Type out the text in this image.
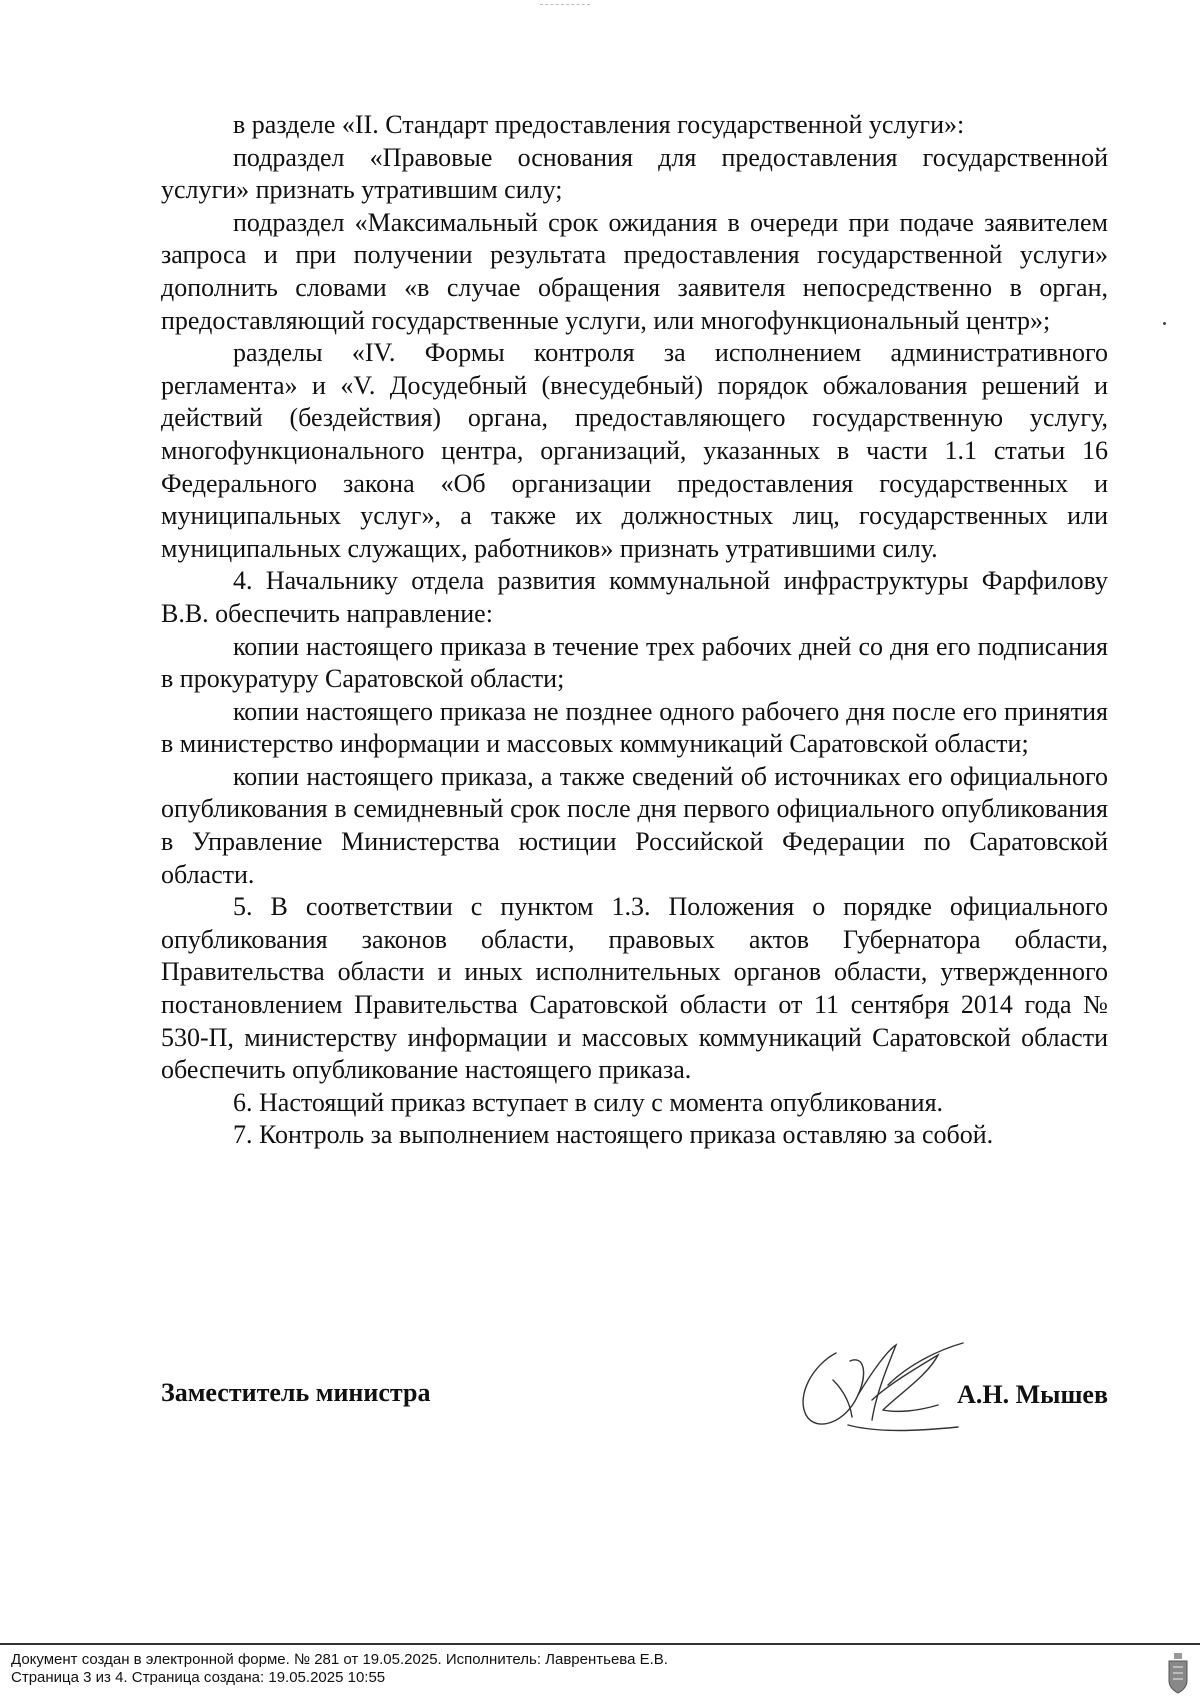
в разделе «II. Стандарт предоставления государственной услуги»:

подраздел «Правовые основания для предоставления государственной услуги» признать утратившим силу;

подраздел «Максимальный срок ожидания в очереди при подаче заявителем запроса и при получении результата предоставления государственной услуги» дополнить словами «в случае обращения заявителя непосредственно в орган, предоставляющий государственные услуги, или многофункциональный центр»;

разделы «IV. Формы контроля за исполнением административного регламента» и «V. Досудебный (внесудебный) порядок обжалования решений и действий (бездействия) органа, предоставляющего государственную услугу, многофункционального центра, организаций, указанных в части 1.1 статьи 16 Федерального закона «Об организации предоставления государственных и муниципальных услуг», а также их должностных лиц, государственных или муниципальных служащих, работников» признать утратившими силу.

4. Начальнику отдела развития коммунальной инфраструктуры Фарфилову В.В. обеспечить направление:

копии настоящего приказа в течение трех рабочих дней со дня его подписания в прокуратуру Саратовской области;

копии настоящего приказа не позднее одного рабочего дня после его принятия в министерство информации и массовых коммуникаций Саратовской области;

копии настоящего приказа, а также сведений об источниках его официального опубликования в семидневный срок после дня первого официального опубликования в Управление Министерства юстиции Российской Федерации по Саратовской области.

5. В соответствии с пунктом 1.3. Положения о порядке официального опубликования законов области, правовых актов Губернатора области, Правительства области и иных исполнительных органов области, утвержденного постановлением Правительства Саратовской области от 11 сентября 2014 года № 530-П, министерству информации и массовых коммуникаций Саратовской области обеспечить опубликование настоящего приказа.

6. Настоящий приказ вступает в силу с момента опубликования.

7. Контроль за выполнением настоящего приказа оставляю за собой.

Заместитель министра	А.Н. Мышев
Документ создан в электронной форме. № 281 от 19.05.2025. Исполнитель: Лаврентьева Е.В.
Страница 3 из 4. Страница создана: 19.05.2025 10:55
